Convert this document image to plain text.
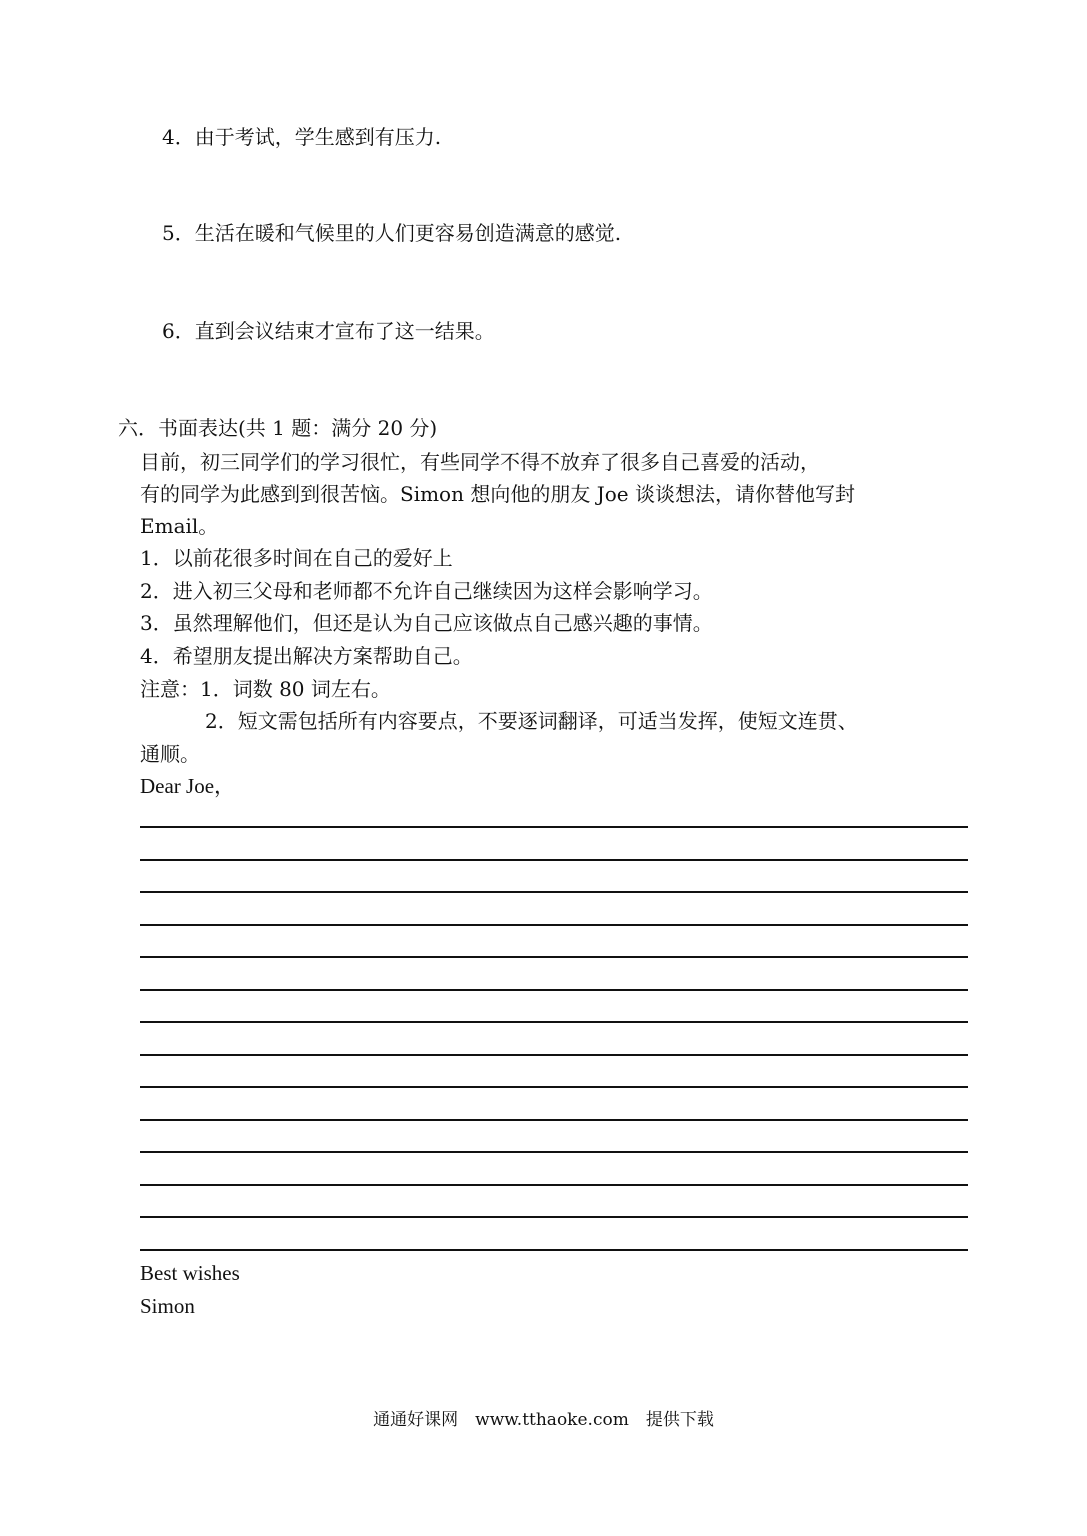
4．由于考试，学生感到有压力.
5．生活在暖和气候里的人们更容易创造满意的感觉.
6．直到会议结束才宣布了这一结果。
六．书面表达(共 1 题：满分 20 分)
目前，初三同学们的学习很忙，有些同学不得不放弃了很多自己喜爱的活动，
有的同学为此感到到很苦恼。Simon 想向他的朋友 Joe 谈谈想法，请你替他写封
Email。
1．以前花很多时间在自己的爱好上
2．进入初三父母和老师都不允许自己继续因为这样会影响学习。
3．虽然理解他们，但还是认为自己应该做点自己感兴趣的事情。
4．希望朋友提出解决方案帮助自己。
注意：1．词数 80 词左右。
2．短文需包括所有内容要点，不要逐词翻译，可适当发挥，使短文连贯、
通顺。
Dear Joe，
Best wishes
Simon
通通好课网　www.tthaoke.com　提供下载
